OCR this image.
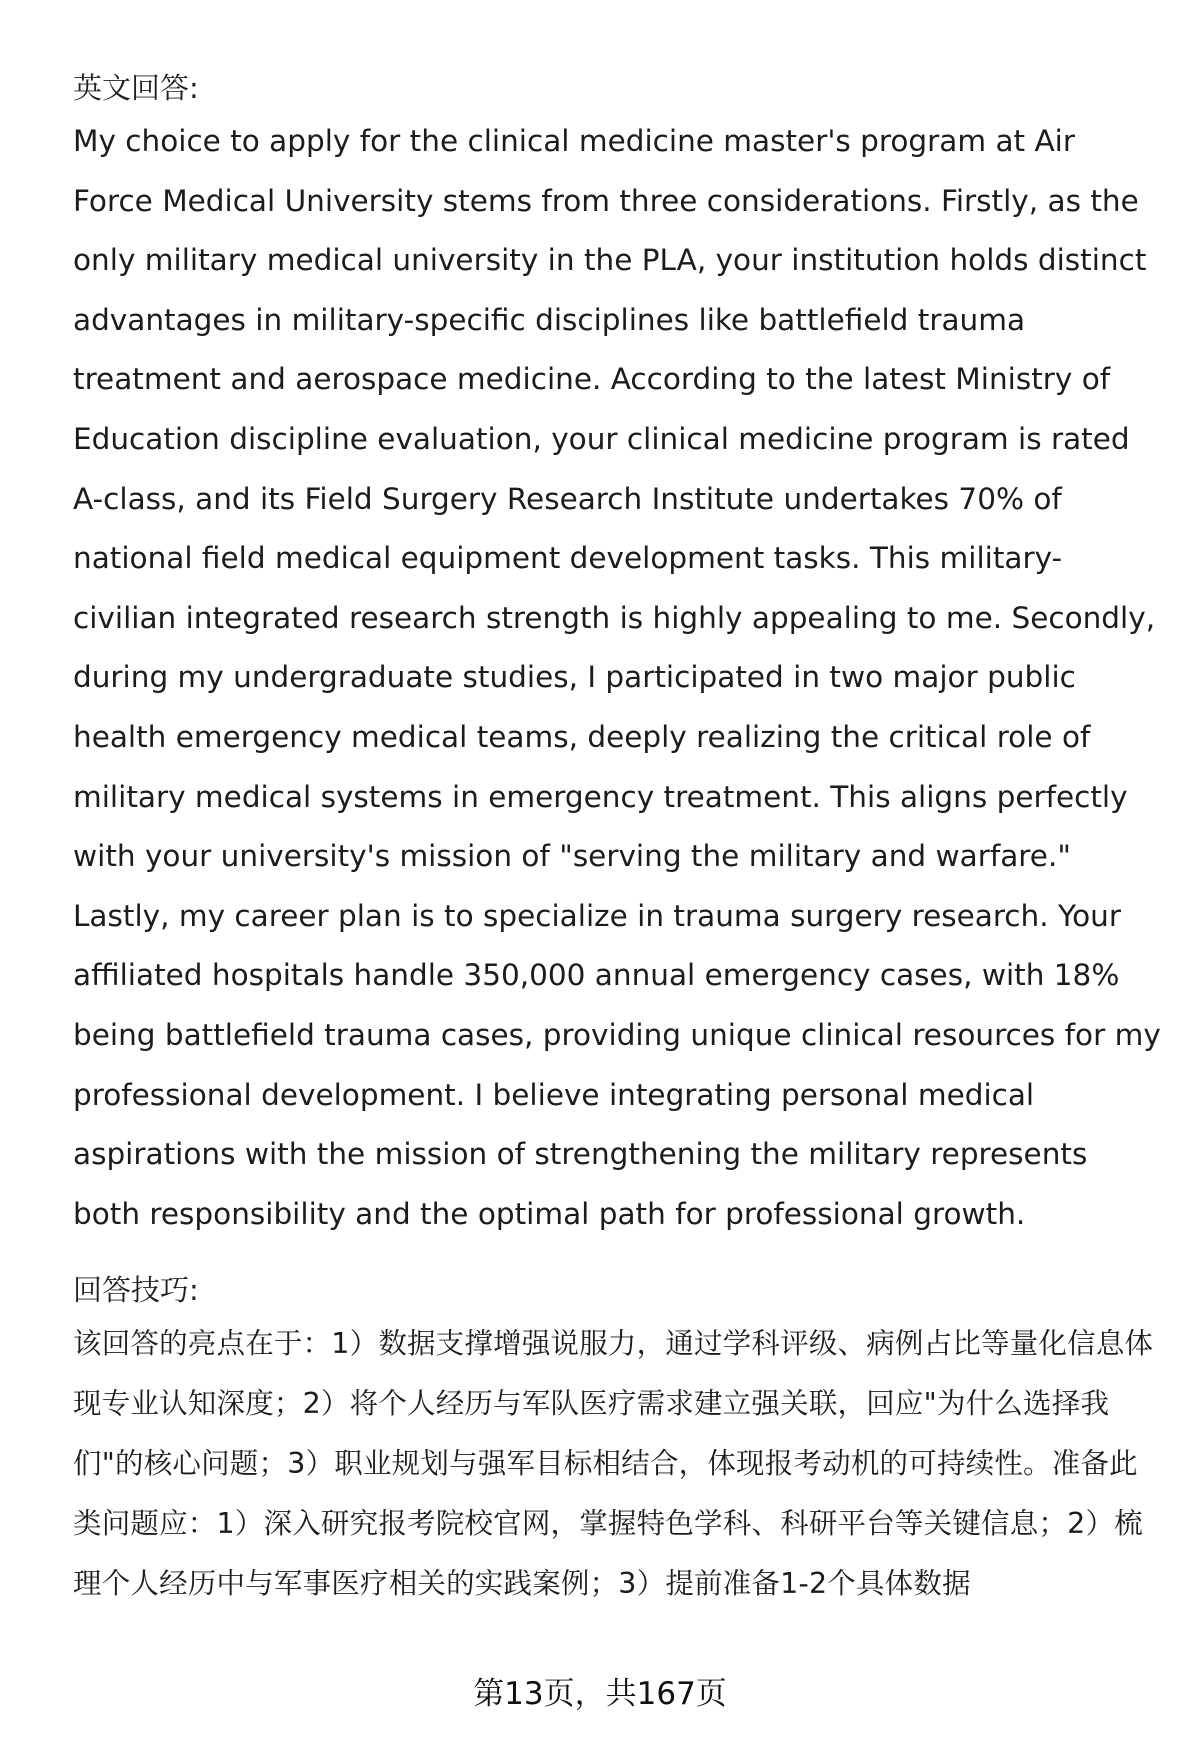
英文回答:

My choice to apply for the clinical medicine master's program at Air Force Medical University stems from three considerations. Firstly, as the only military medical university in the PLA, your institution holds distinct advantages in military-specific disciplines like battlefield trauma treatment and aerospace medicine. According to the latest Ministry of Education discipline evaluation, your clinical medicine program is rated A-class, and its Field Surgery Research Institute undertakes 70% of national field medical equipment development tasks. This military-civilian integrated research strength is highly appealing to me. Secondly, during my undergraduate studies, I participated in two major public health emergency medical teams, deeply realizing the critical role of military medical systems in emergency treatment. This aligns perfectly with your university's mission of "serving the military and warfare." Lastly, my career plan is to specialize in trauma surgery research. Your affiliated hospitals handle 350,000 annual emergency cases, with 18% being battlefield trauma cases, providing unique clinical resources for my professional development. I believe integrating personal medical aspirations with the mission of strengthening the military represents both responsibility and the optimal path for professional growth.

回答技巧:

该回答的亮点在于：1）数据支撑增强说服力，通过学科评级、病例占比等量化信息体现专业认知深度；2）将个人经历与军队医疗需求建立强关联，回应"为什么选择我们"的核心问题；3）职业规划与强军目标相结合，体现报考动机的可持续性。准备此类问题应：1）深入研究报考院校官网，掌握特色学科、科研平台等关键信息；2）梳理个人经历中与军事医疗相关的实践案例；3）提前准备1-2个具体数据

第13页，共167页
